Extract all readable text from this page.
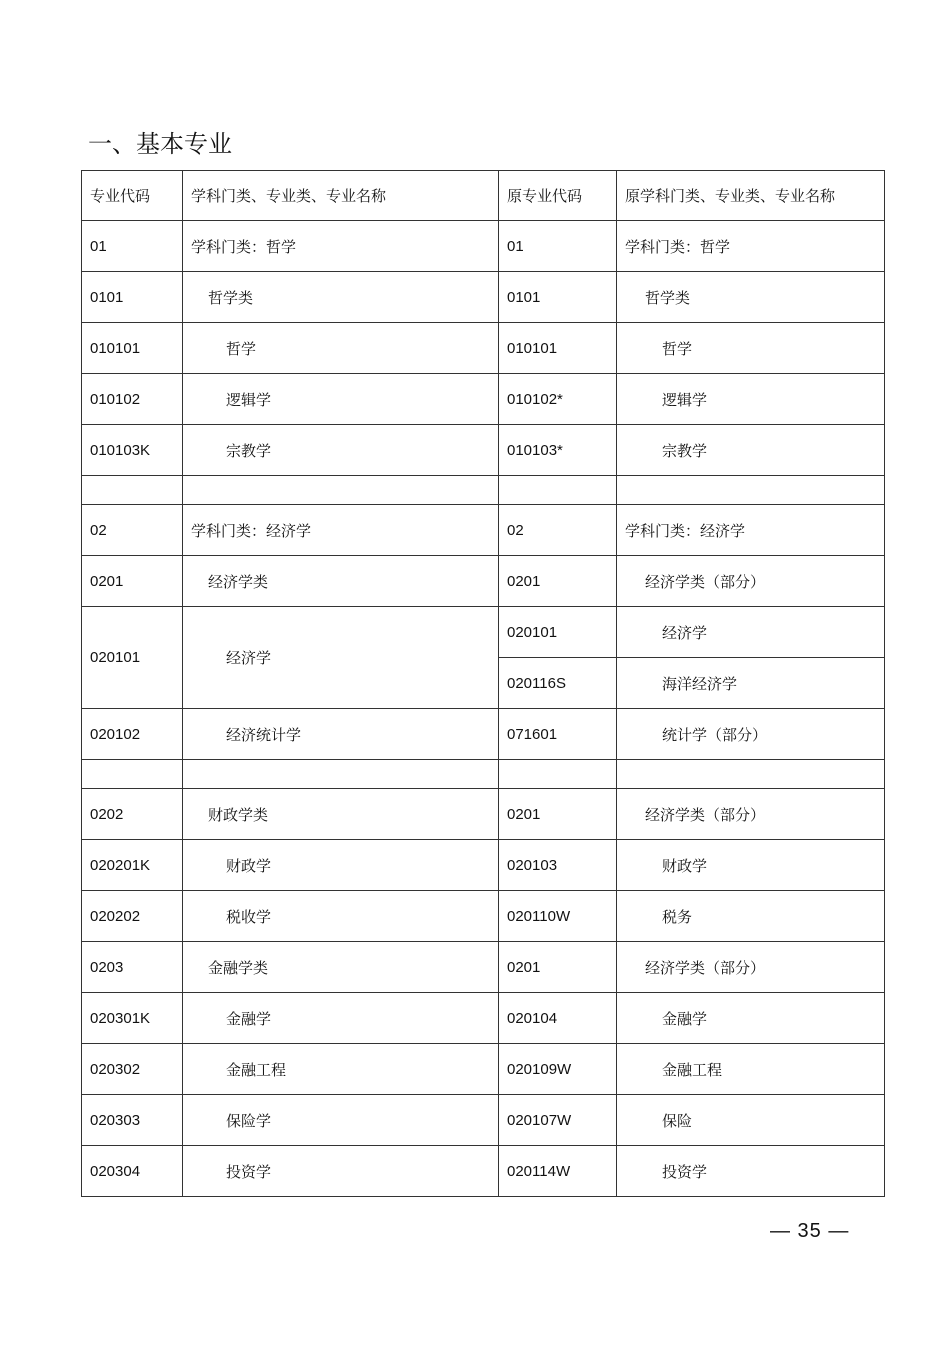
一、基本专业
专业代码	学科门类、专业类、专业名称	原专业代码	原学科门类、专业类、专业名称
01	学科门类：哲学	01	学科门类：哲学
0101	哲学类	0101	哲学类
010101	哲学	010101	哲学
010102	逻辑学	010102*	逻辑学
010103K	宗教学	010103*	宗教学

02	学科门类：经济学	02	学科门类：经济学
0201	经济学类	0201	经济学类（部分）
020101	经济学	020101	经济学
		020116S	海洋经济学
020102	经济统计学	071601	统计学（部分）

0202	财政学类	0201	经济学类（部分）
020201K	财政学	020103	财政学
020202	税收学	020110W	税务
0203	金融学类	0201	经济学类（部分）
020301K	金融学	020104	金融学
020302	金融工程	020109W	金融工程
020303	保险学	020107W	保险
020304	投资学	020114W	投资学
— 35 —
